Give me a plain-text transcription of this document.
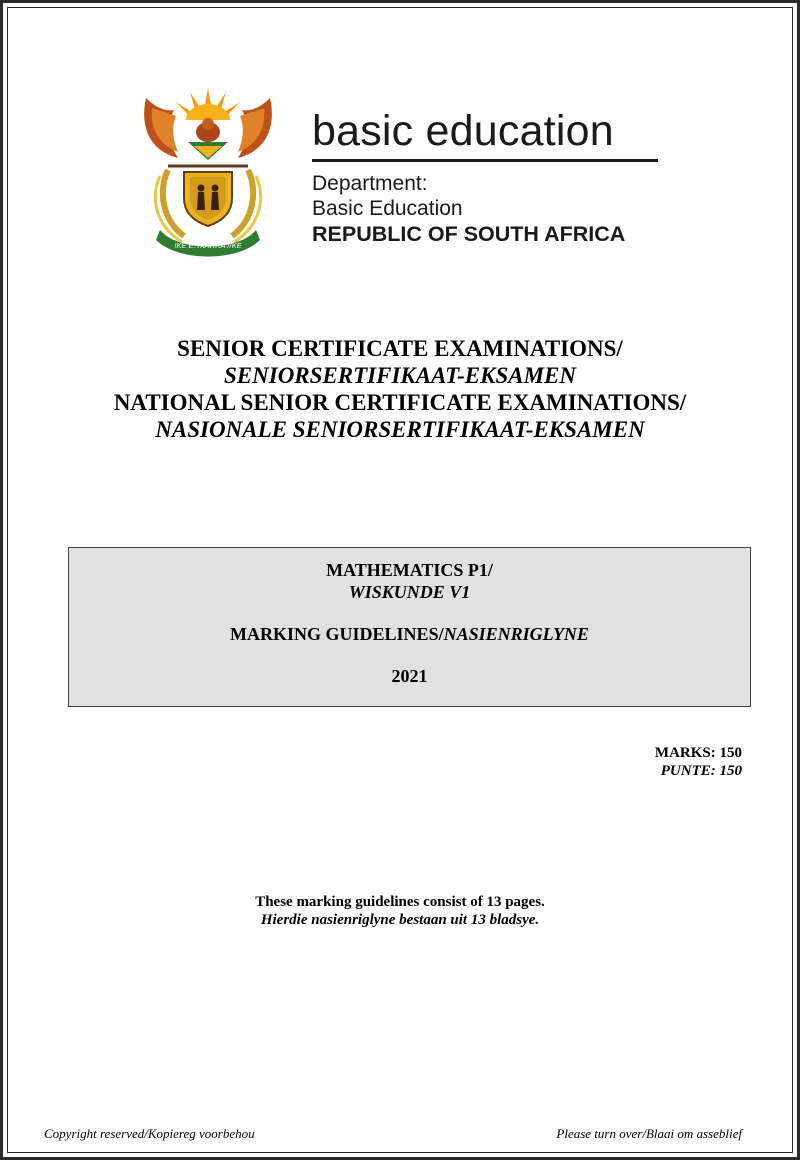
!KE E: /XARRA //KE
basic education
Department:
Basic Education
REPUBLIC OF SOUTH AFRICA
SENIOR CERTIFICATE EXAMINATIONS/
SENIORSERTIFIKAAT-EKSAMEN
NATIONAL SENIOR CERTIFICATE EXAMINATIONS/
NASIONALE SENIORSERTIFIKAAT-EKSAMEN
MATHEMATICS P1/
WISKUNDE V1
MARKING GUIDELINES/NASIENRIGLYNE
2021
MARKS: 150
PUNTE: 150
These marking guidelines consist of 13 pages.
Hierdie nasienriglyne bestaan uit 13 bladsye.
Copyright reserved/Kopiereg voorbehou	Please turn over/Blaai om asseblief
